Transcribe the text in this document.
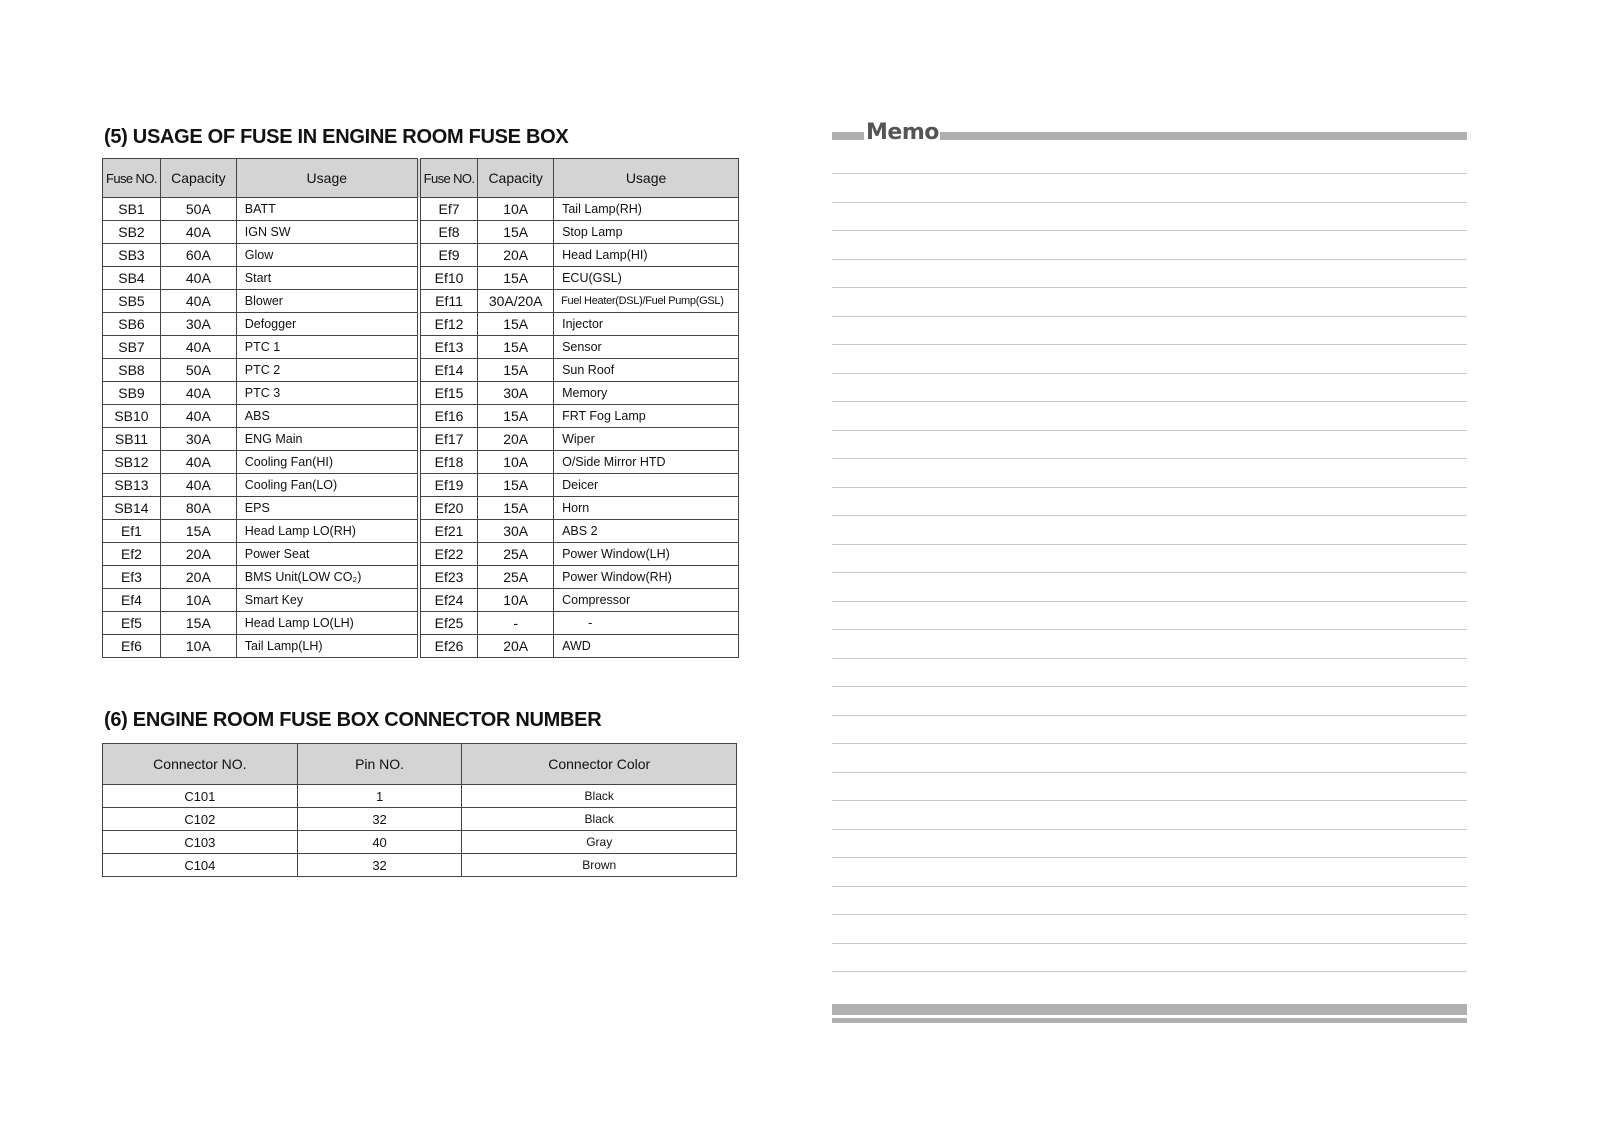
(5) USAGE OF FUSE IN ENGINE ROOM FUSE BOX
Fuse NO.	Capacity	Usage	Fuse NO.	Capacity	Usage
SB1	50A	BATT	Ef7	10A	Tail Lamp(RH)
SB2	40A	IGN SW	Ef8	15A	Stop Lamp
SB3	60A	Glow	Ef9	20A	Head Lamp(HI)
SB4	40A	Start	Ef10	15A	ECU(GSL)
SB5	40A	Blower	Ef11	30A/20A	Fuel Heater(DSL)/Fuel Pump(GSL)
SB6	30A	Defogger	Ef12	15A	Injector
SB7	40A	PTC 1	Ef13	15A	Sensor
SB8	50A	PTC 2	Ef14	15A	Sun Roof
SB9	40A	PTC 3	Ef15	30A	Memory
SB10	40A	ABS	Ef16	15A	FRT Fog Lamp
SB11	30A	ENG Main	Ef17	20A	Wiper
SB12	40A	Cooling Fan(HI)	Ef18	10A	O/Side Mirror HTD
SB13	40A	Cooling Fan(LO)	Ef19	15A	Deicer
SB14	80A	EPS	Ef20	15A	Horn
Ef1	15A	Head Lamp LO(RH)	Ef21	30A	ABS 2
Ef2	20A	Power Seat	Ef22	25A	Power Window(LH)
Ef3	20A	BMS Unit(LOW CO₂)	Ef23	25A	Power Window(RH)
Ef4	10A	Smart Key	Ef24	10A	Compressor
Ef5	15A	Head Lamp LO(LH)	Ef25	-	-
Ef6	10A	Tail Lamp(LH)	Ef26	20A	AWD
(6) ENGINE ROOM FUSE BOX CONNECTOR NUMBER
Connector NO.	Pin NO.	Connector Color
C101	1	Black
C102	32	Black
C103	40	Gray
C104	32	Brown
Memo
